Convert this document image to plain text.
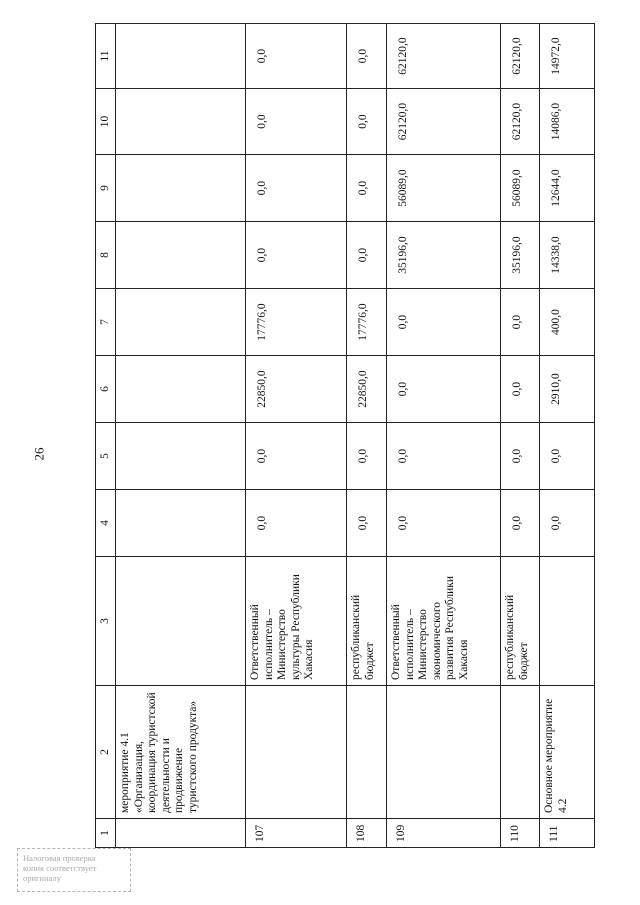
26
Налоговая проверка
копия соответствует
оригиналу
1	2	3	4	5	6	7	8	9	10	11
	мероприятие 4.1 «Организация, координация туристской деятельности и продвижение туристского продукта»									
107		Ответственный исполнитель – Министерство культуры Республики Хакасия	0,0	0,0	22850,0	17776,0	0,0	0,0	0,0	0,0
108		республиканский бюджет	0,0	0,0	22850,0	17776,0	0,0	0,0	0,0	0,0
109		Ответственный исполнитель – Министерство экономического развития Республики Хакасия	0,0	0,0	0,0	0,0	35196,0	56089,0	62120,0	62120,0
110		республиканский бюджет	0,0	0,0	0,0	0,0	35196,0	56089,0	62120,0	62120,0
111	Основное мероприятие 4.2		0,0	0,0	2910,0	400,0	14338,0	12644,0	14086,0	14972,0
